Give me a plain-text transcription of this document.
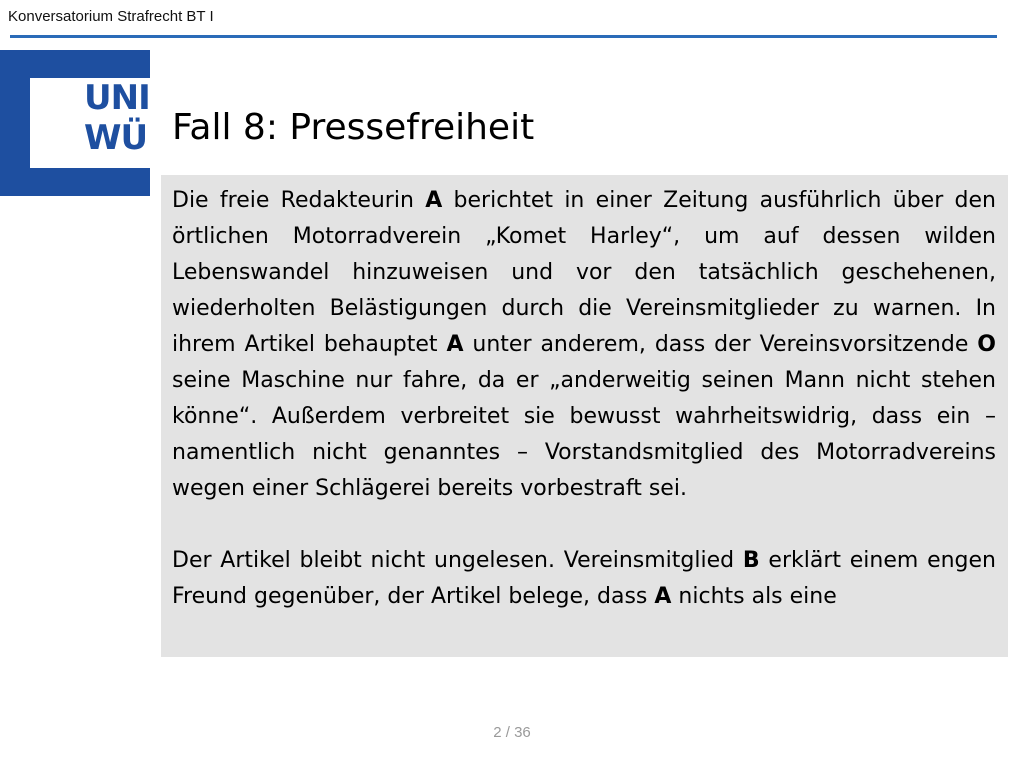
Konversatorium Strafrecht BT I
UNI
WÜ Fall 8: Pressefreiheit

Die freie Redakteurin A berichtet in einer Zeitung ausführlich über den örtlichen Motorradverein „Komet Harley“, um auf dessen wilden Lebenswandel hinzuweisen und vor den tatsächlich geschehenen, wiederholten Belästigungen durch die Vereinsmitglieder zu warnen. In ihrem Artikel behauptet A unter anderem, dass der Vereinsvorsitzende O seine Maschine nur fahre, da er „anderweitig seinen Mann nicht stehen könne“. Außerdem verbreitet sie bewusst wahrheitswidrig, dass ein – namentlich nicht genanntes – Vorstandsmitglied des Motorradvereins wegen einer Schlägerei bereits vorbestraft sei.

Der Artikel bleibt nicht ungelesen. Vereinsmitglied B erklärt einem engen Freund gegenüber, der Artikel belege, dass A nichts als eine

2 / 36
